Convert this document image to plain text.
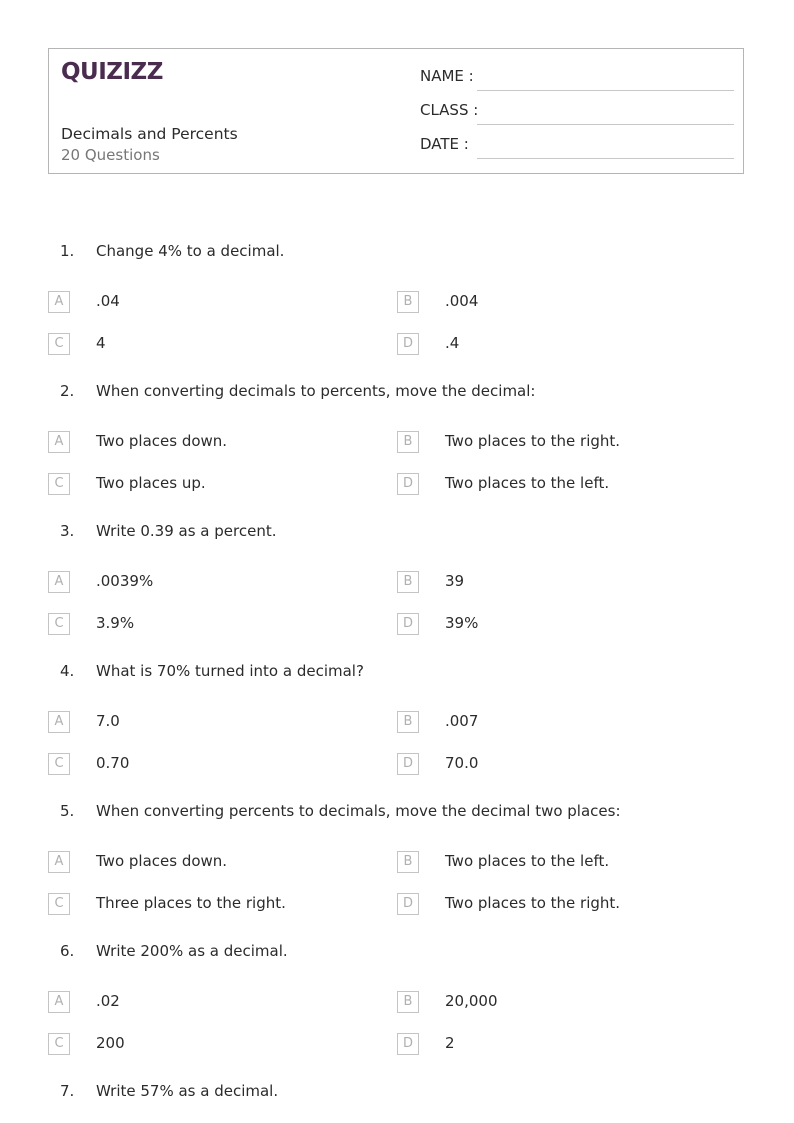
QUIZIZZ
Decimals and Percents
20 Questions
NAME :
CLASS :
DATE :
1.	Change 4% to a decimal.
A	.04	B	.004
C	4	D	.4
2.	When converting decimals to percents, move the decimal:
A	Two places down.	B	Two places to the right.
C	Two places up.	D	Two places to the left.
3.	Write 0.39 as a percent.
A	.0039%	B	39
C	3.9%	D	39%
4.	What is 70% turned into a decimal?
A	7.0	B	.007
C	0.70	D	70.0
5.	When converting percents to decimals, move the decimal two places:
A	Two places down.	B	Two places to the left.
C	Three places to the right.	D	Two places to the right.
6.	Write 200% as a decimal.
A	.02	B	20,000
C	200	D	2
7.	Write 57% as a decimal.
